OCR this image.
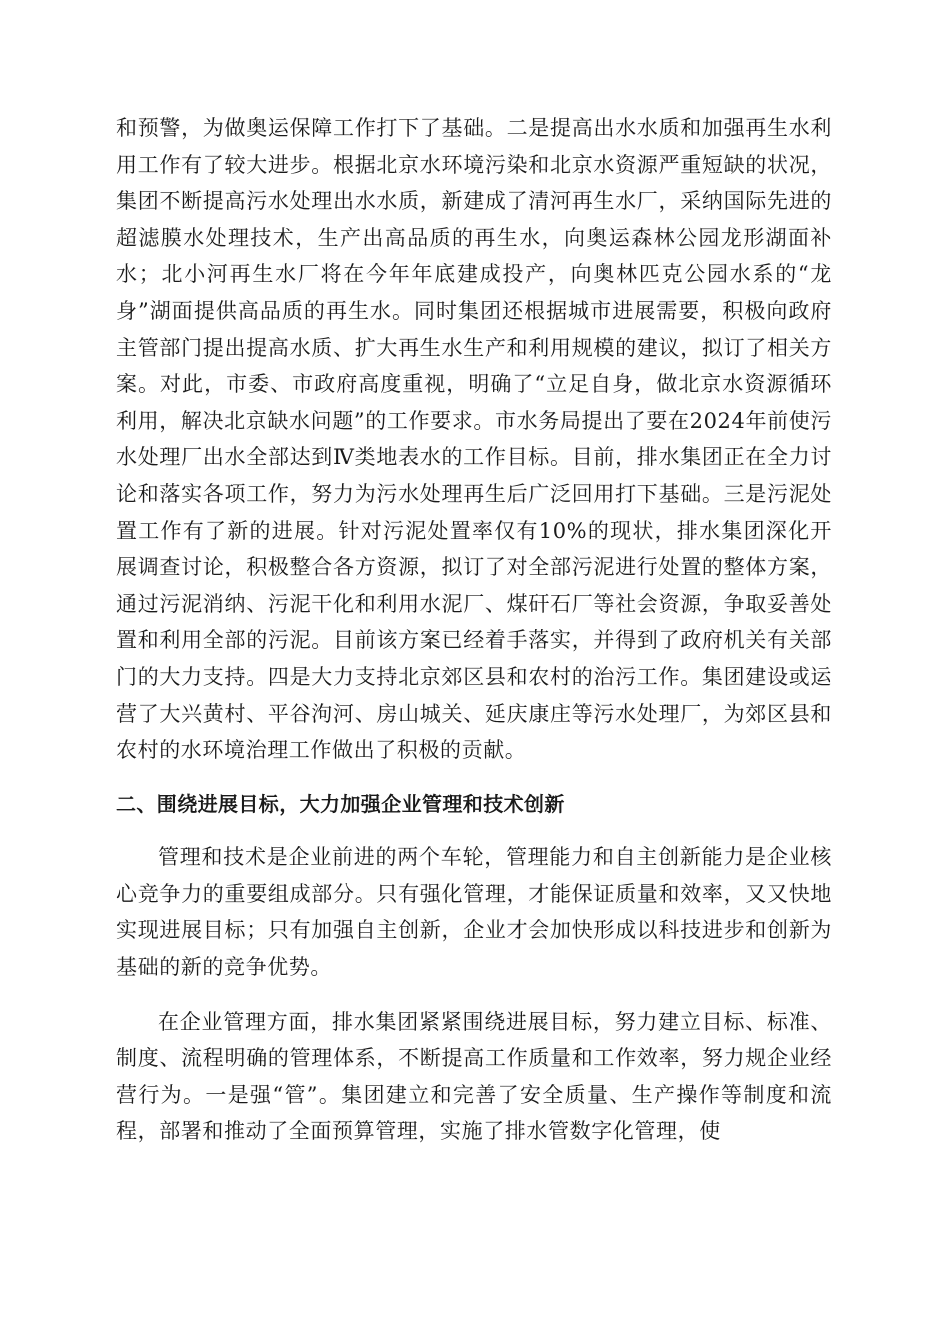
和预警，为做奥运保障工作打下了基础。二是提高出水水质和加强再生水利用工作有了较大进步。根据北京水环境污染和北京水资源严重短缺的状况，集团不断提高污水处理出水水质，新建成了清河再生水厂，采纳国际先进的超滤膜水处理技术，生产出高品质的再生水，向奥运森林公园龙形湖面补水；北小河再生水厂将在今年年底建成投产，向奥林匹克公园水系的“龙身”湖面提供高品质的再生水。同时集团还根据城市进展需要，积极向政府主管部门提出提高水质、扩大再生水生产和利用规模的建议，拟订了相关方案。对此，市委、市政府高度重视，明确了“立足自身，做北京水资源循环利用，解决北京缺水问题”的工作要求。市水务局提出了要在2024年前使污水处理厂出水全部达到Ⅳ类地表水的工作目标。目前，排水集团正在全力讨论和落实各项工作，努力为污水处理再生后广泛回用打下基础。三是污泥处置工作有了新的进展。针对污泥处置率仅有10%的现状，排水集团深化开展调查讨论，积极整合各方资源，拟订了对全部污泥进行处置的整体方案，通过污泥消纳、污泥干化和利用水泥厂、煤矸石厂等社会资源，争取妥善处置和利用全部的污泥。目前该方案已经着手落实，并得到了政府机关有关部门的大力支持。四是大力支持北京郊区县和农村的治污工作。集团建设或运营了大兴黄村、平谷泃河、房山城关、延庆康庄等污水处理厂，为郊区县和农村的水环境治理工作做出了积极的贡献。

二、围绕进展目标，大力加强企业管理和技术创新

管理和技术是企业前进的两个车轮，管理能力和自主创新能力是企业核心竞争力的重要组成部分。只有强化管理，才能保证质量和效率，又又快地实现进展目标；只有加强自主创新，企业才会加快形成以科技进步和创新为基础的新的竞争优势。

在企业管理方面，排水集团紧紧围绕进展目标，努力建立目标、标准、制度、流程明确的管理体系，不断提高工作质量和工作效率，努力规企业经营行为。一是强“管”。集团建立和完善了安全质量、生产操作等制度和流程，部署和推动了全面预算管理，实施了排水管数字化管理，使
